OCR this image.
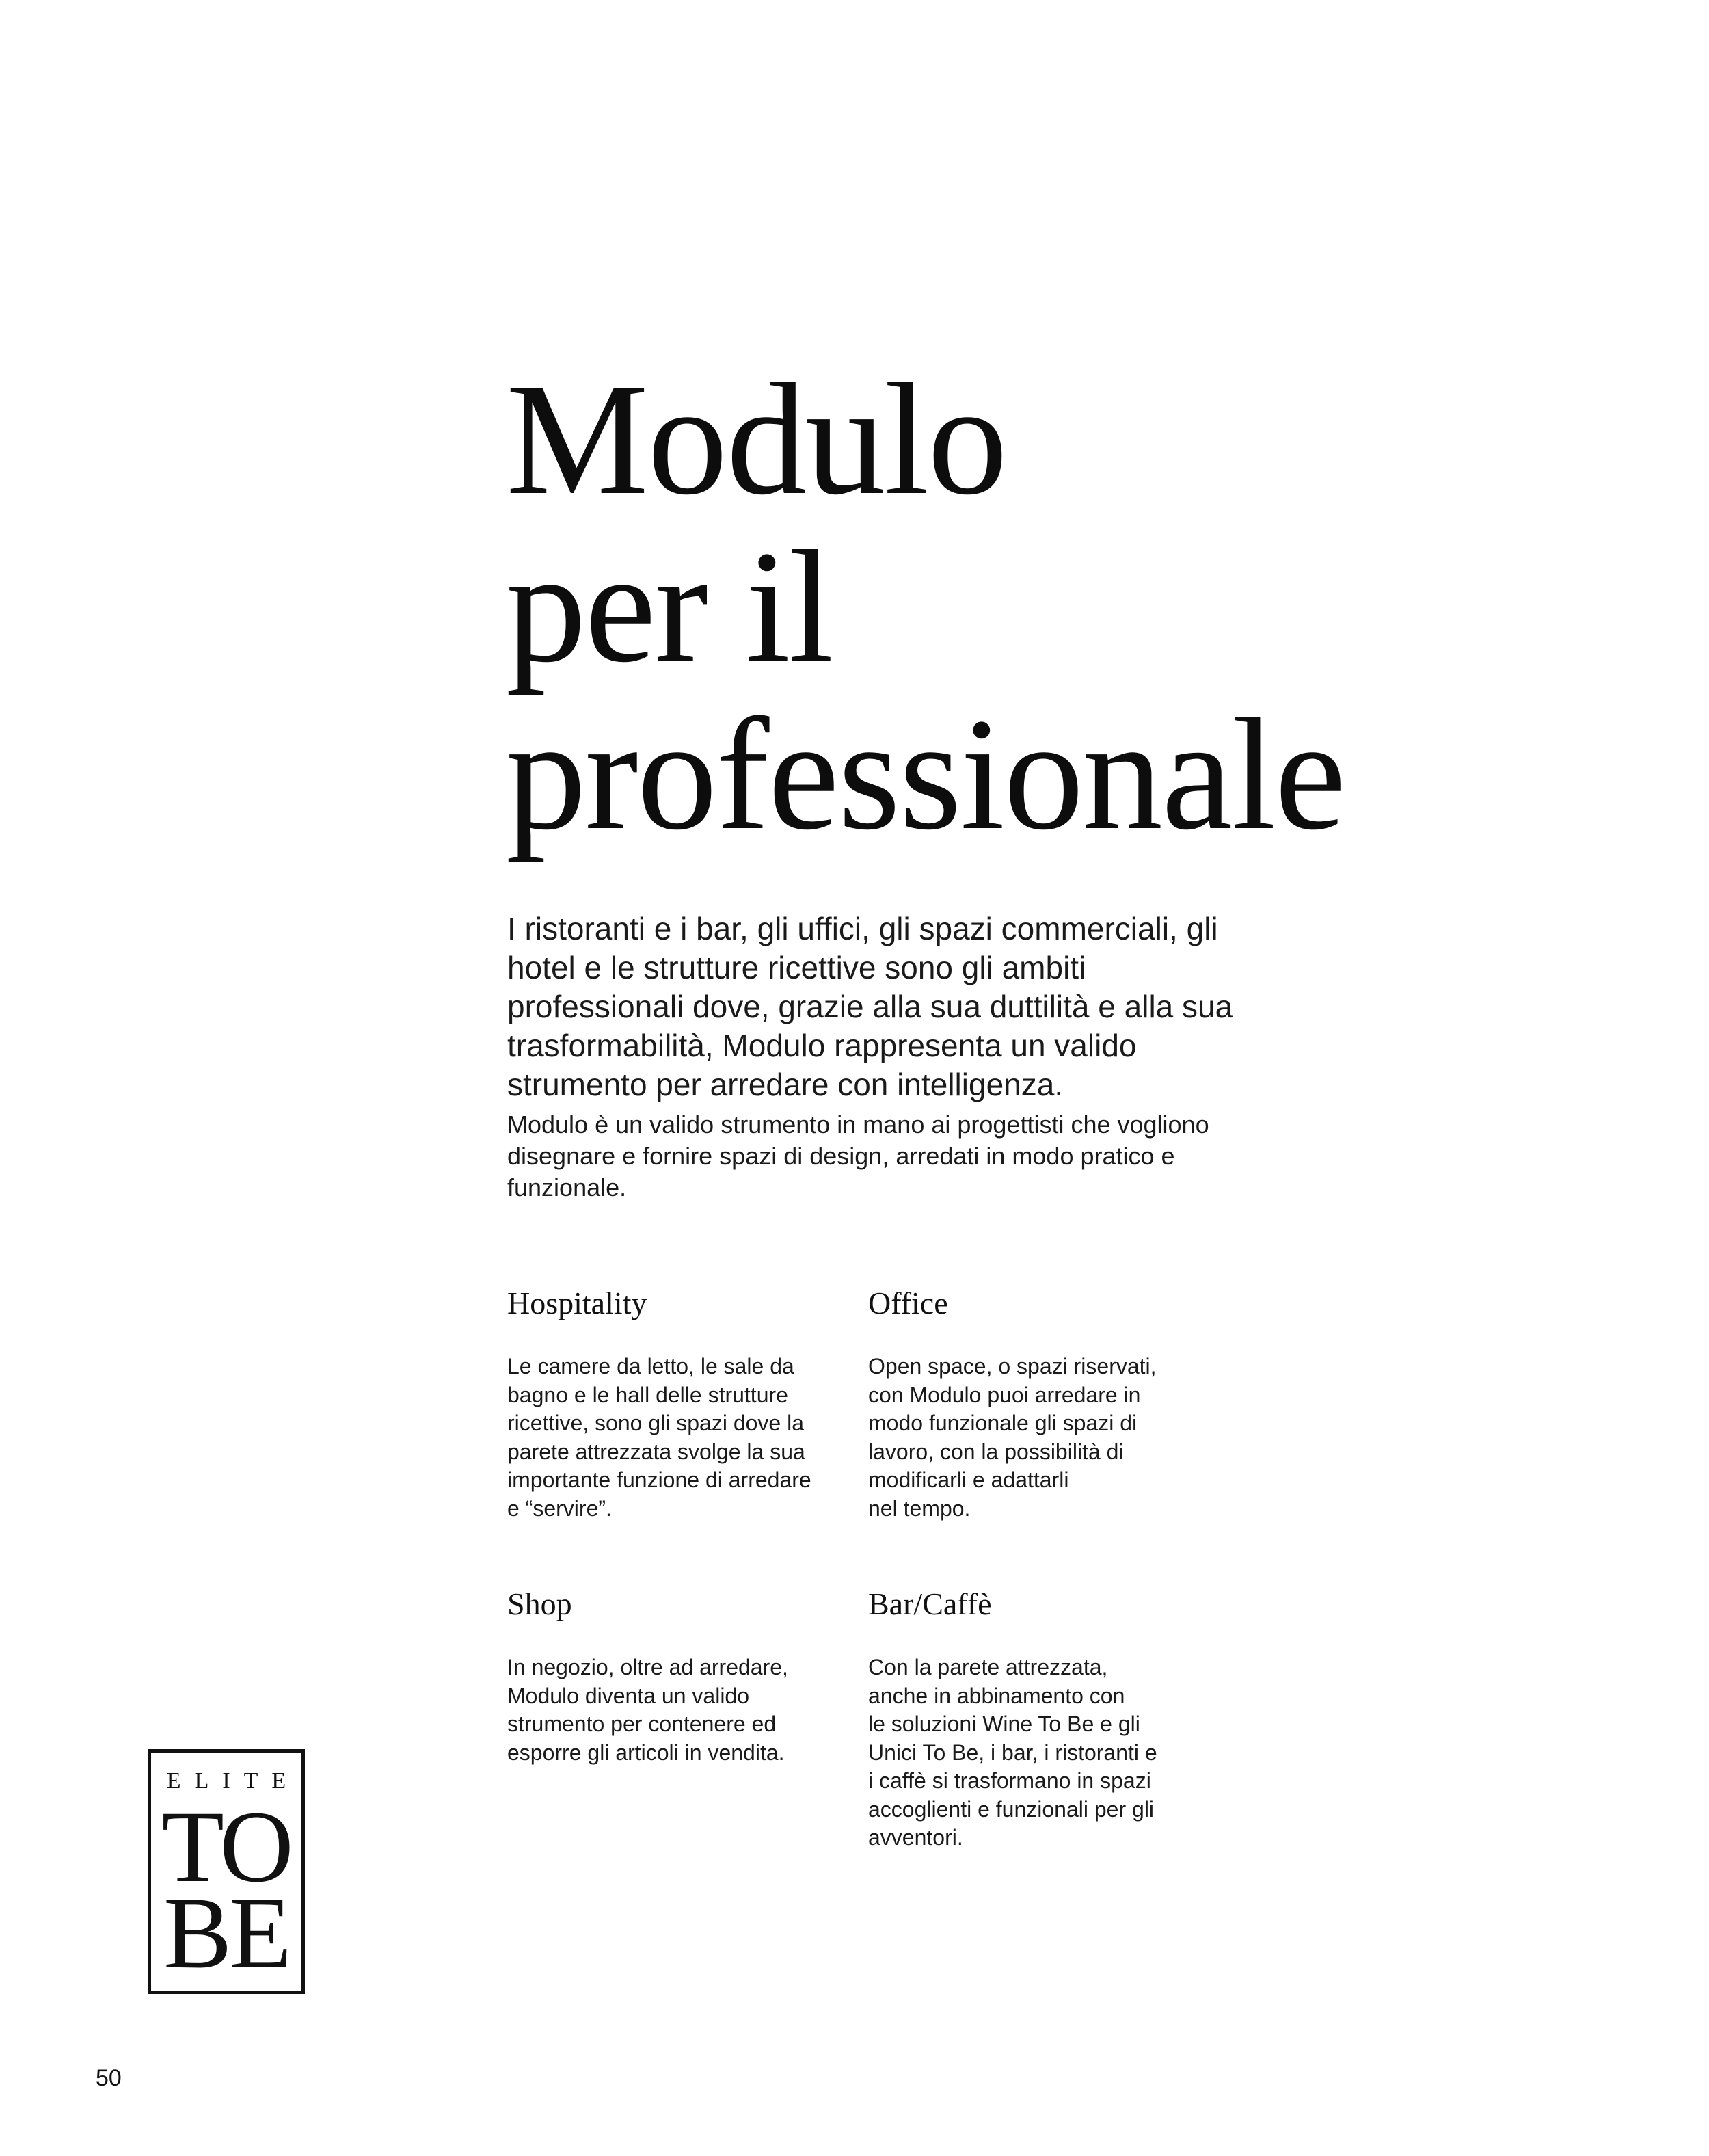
Modulo
per il
professionale

I ristoranti e i bar, gli uffici, gli spazi commerciali, gli hotel e le strutture ricettive sono gli ambiti professionali dove, grazie alla sua duttilità e alla sua trasformabilità, Modulo rappresenta un valido strumento per arredare con intelligenza.

Modulo è un valido strumento in mano ai progettisti che vogliono disegnare e fornire spazi di design, arredati in modo pratico e funzionale.

Hospitality

Le camere da letto, le sale da
bagno e le hall delle strutture
ricettive, sono gli spazi dove la
parete attrezzata svolge la sua
importante funzione di arredare
e “servire”.

Office

Open space, o spazi riservati,
con Modulo puoi arredare in
modo funzionale gli spazi di
lavoro, con la possibilità di
modificarli e adattarli
nel tempo.

Shop

In negozio, oltre ad arredare,
Modulo diventa un valido
strumento per contenere ed
esporre gli articoli in vendita.

Bar/Caffè

Con la parete attrezzata,
anche in abbinamento con
le soluzioni Wine To Be e gli
Unici To Be, i bar, i ristoranti e
i caffè si trasformano in spazi
accoglienti e funzionali per gli
avventori.

ELITE
TO
BE
50
